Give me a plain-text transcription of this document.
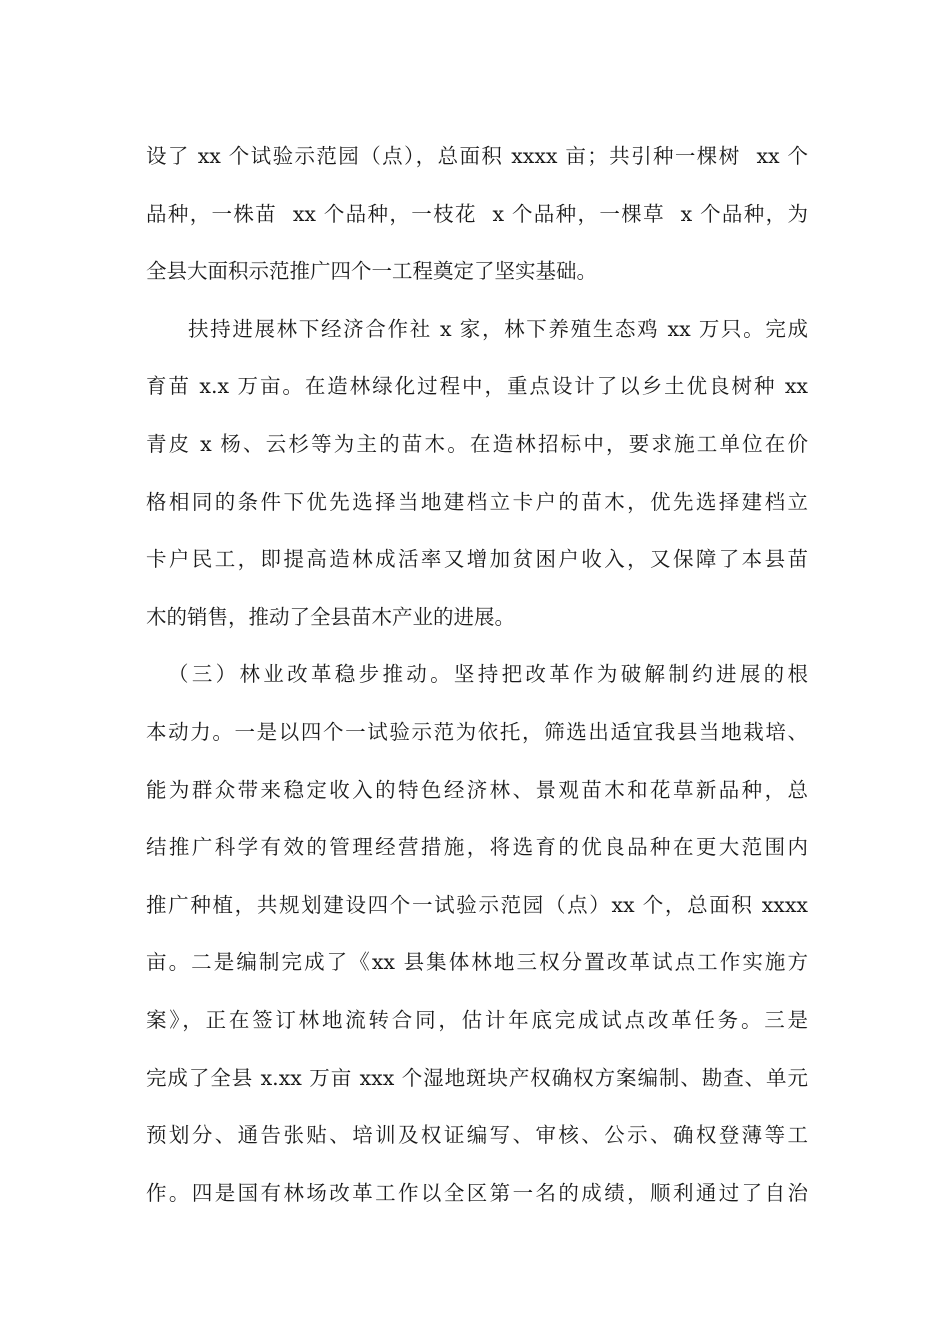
设了 xx 个试验示范园（点），总面积 xxxx 亩；共引种一棵树  xx 个
品种，一株苗  xx 个品种，一枝花  x 个品种，一棵草  x 个品种，为
全县大面积示范推广四个一工程奠定了坚实基础。
扶持进展林下经济合作社 x 家，林下养殖生态鸡 xx 万只。完成
育苗 x.x 万亩。在造林绿化过程中，重点设计了以乡土优良树种 xx
青皮 x 杨、云杉等为主的苗木。在造林招标中，要求施工单位在价
格相同的条件下优先选择当地建档立卡户的苗木，优先选择建档立
卡户民工，即提高造林成活率又增加贫困户收入，又保障了本县苗
木的销售，推动了全县苗木产业的进展。
（三）林业改革稳步推动。坚持把改革作为破解制约进展的根
本动力。一是以四个一试验示范为依托，筛选出适宜我县当地栽培、
能为群众带来稳定收入的特色经济林、景观苗木和花草新品种，总
结推广科学有效的管理经营措施，将选育的优良品种在更大范围内
推广种植，共规划建设四个一试验示范园（点）xx 个，总面积 xxxx
亩。二是编制完成了《xx 县集体林地三权分置改革试点工作实施方
案》，正在签订林地流转合同，估计年底完成试点改革任务。三是
完成了全县 x.xx 万亩 xxx 个湿地斑块产权确权方案编制、勘查、单元
预划分、通告张贴、培训及权证编写、审核、公示、确权登薄等工
作。四是国有林场改革工作以全区第一名的成绩，顺利通过了自治
